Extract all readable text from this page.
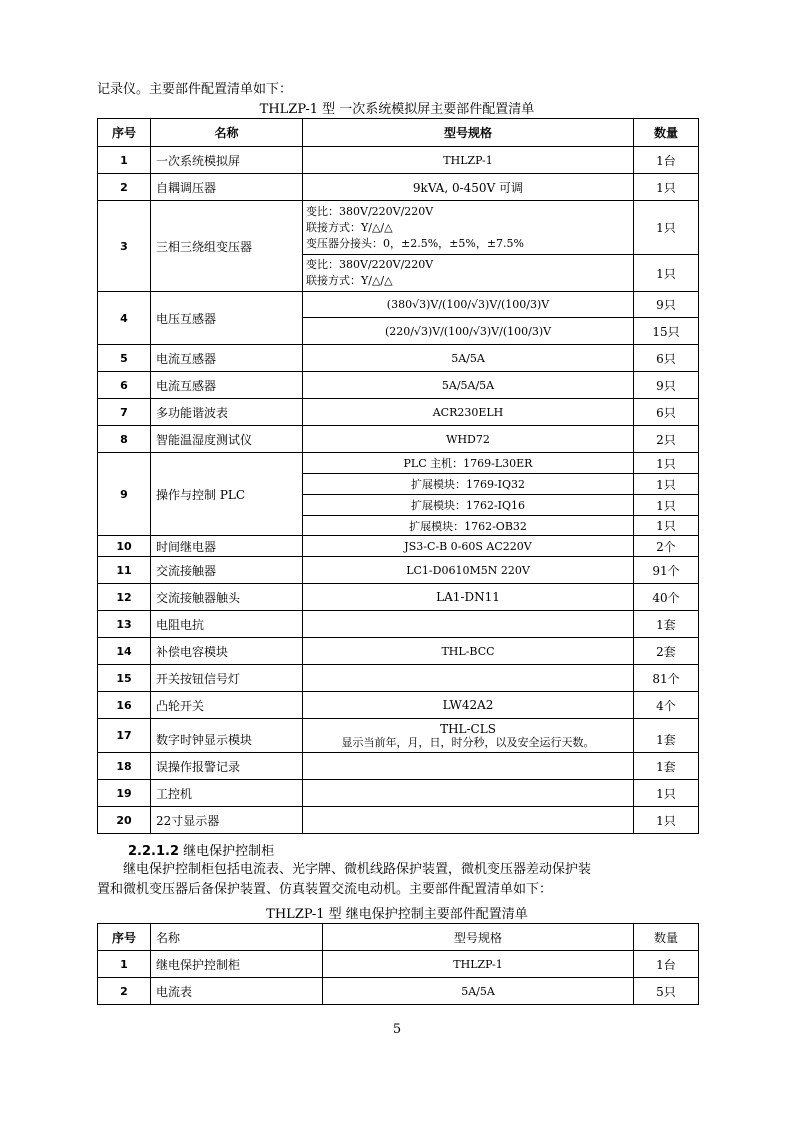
记录仪。主要部件配置清单如下：
THLZP-1 型 一次系统模拟屏主要部件配置清单
序号	名称	型号规格	数量
1	一次系统模拟屏	THLZP-1	1台
2	自耦调压器	9kVA, 0-450V 可调	1只
3	三相三绕组变压器	变比：380V/220V/220V
联接方式：Y/△/△
变压器分接头：0，±2.5%，±5%，±7.5%	1只

		变比：380V/220V/220V
联接方式：Y/△/△	1只
4	电压互感器	(380√3)V/(100/√3)V/(100/3)V	9只
		(220/√3)V/(100/√3)V/(100/3)V	15只
5	电流互感器	5A/5A	6只
6	电流互感器	5A/5A/5A	9只
7	多功能谐波表	ACR230ELH	6只
8	智能温湿度测试仪	WHD72	2只
9	操作与控制 PLC	PLC 主机：1769-L30ER	1只
		扩展模块：1769-IQ32	1只
		扩展模块：1762-IQ16	1只
		扩展模块：1762-OB32	1只
10	时间继电器	JS3-C-B 0-60S AC220V	2个
11	交流接触器	LC1-D0610M5N 220V	91个
12	交流接触器触头	LA1-DN11	40个
13	电阻电抗		1套
14	补偿电容模块	THL-BCC	2套
15	开关按钮信号灯		81个
16	凸轮开关	LW42A2	4个
17	数字时钟显示模块	THL-CLS
显示当前年，月，日，时分秒，以及安全运行天数。	1套
18	误操作报警记录		1套
19	工控机		1只
20	22寸显示器		1只
2.2.1.2 继电保护控制柜
继电保护控制柜包括电流表、光字牌、微机线路保护装置，微机变压器差动保护装
置和微机变压器后备保护装置、仿真装置交流电动机。主要部件配置清单如下：
THLZP-1 型 继电保护控制主要部件配置清单
序号	名称	型号规格	数量
1	继电保护控制柜	THLZP-1	1台
2	电流表	5A/5A	5只
5
